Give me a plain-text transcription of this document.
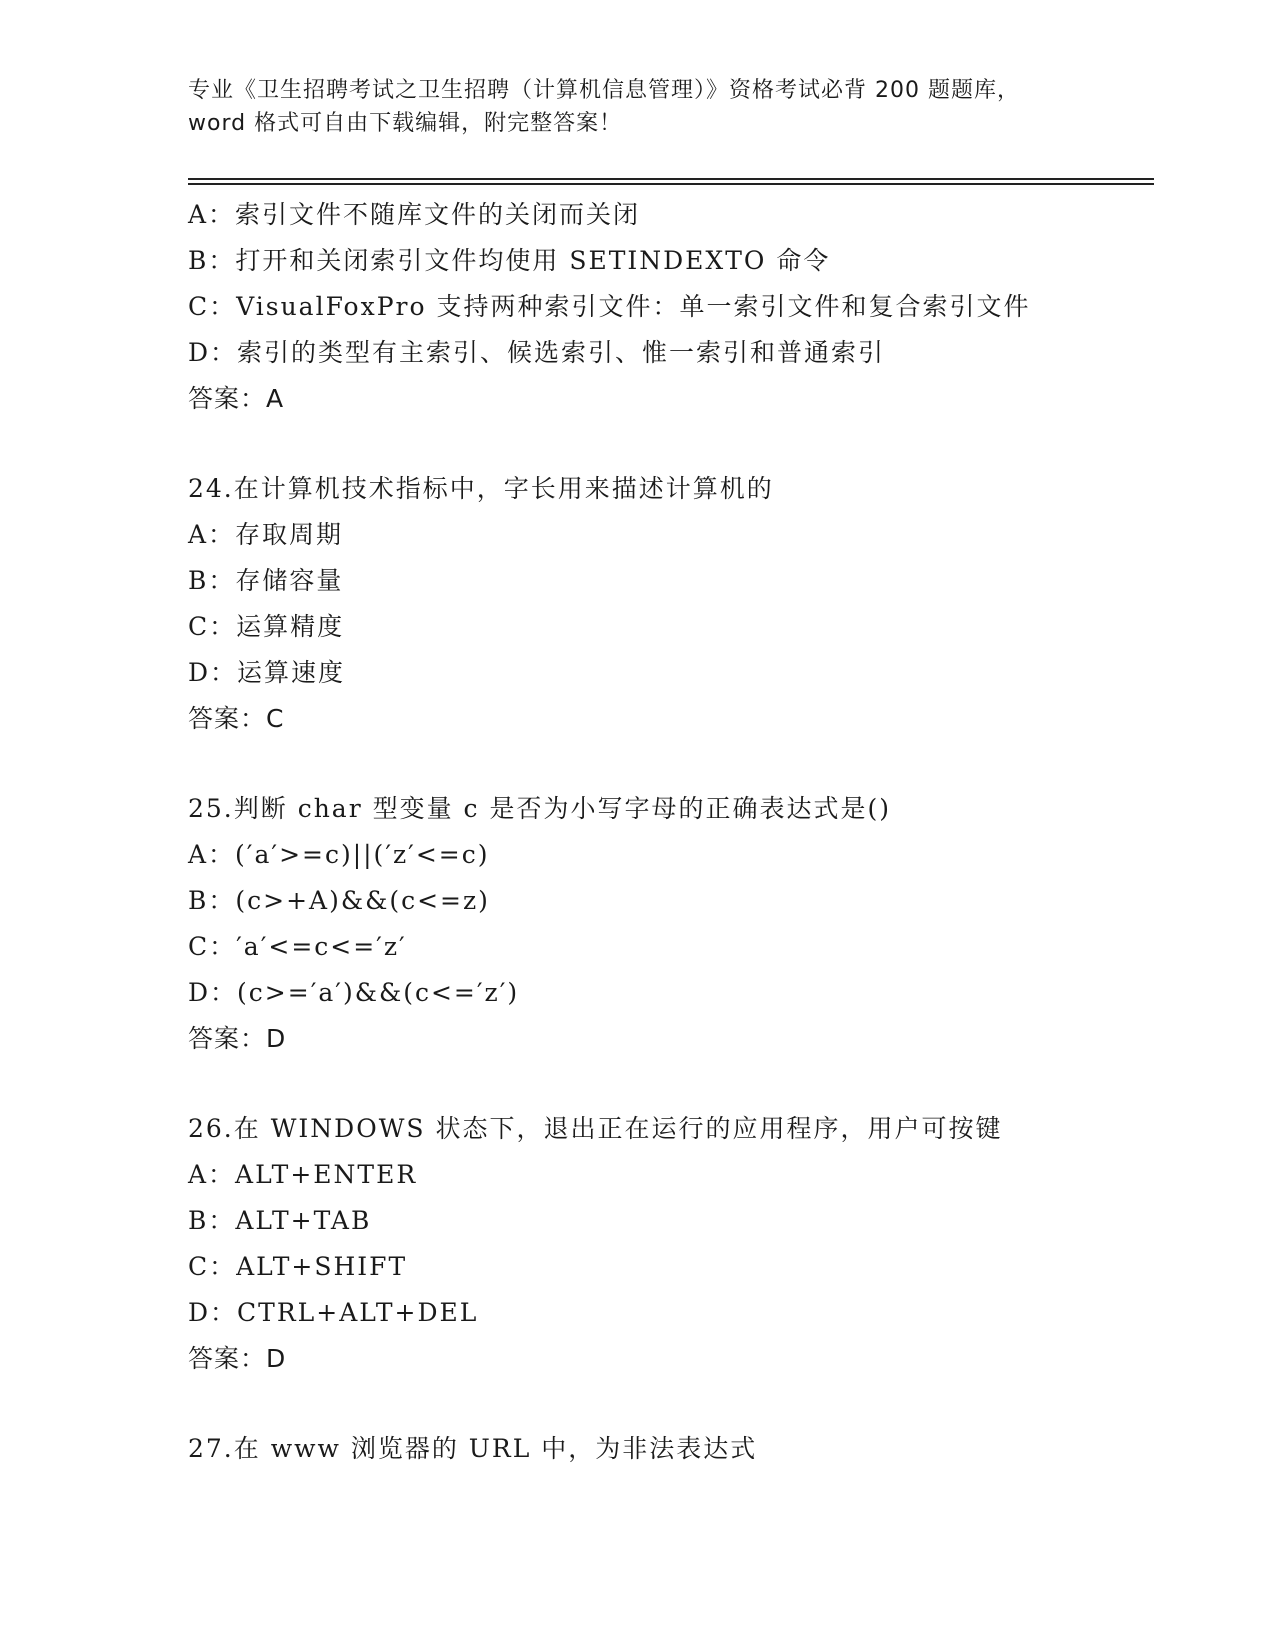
专业《卫生招聘考试之卫生招聘（计算机信息管理）》资格考试必背 200 题题库，
word 格式可自由下载编辑，附完整答案！
A：索引文件不随库文件的关闭而关闭
B：打开和关闭索引文件均使用 SETINDEXTO 命令
C：VisualFoxPro 支持两种索引文件：单一索引文件和复合索引文件
D：索引的类型有主索引、候选索引、惟一索引和普通索引
答案：A
24.在计算机技术指标中，字长用来描述计算机的
A：存取周期
B：存储容量
C：运算精度
D：运算速度
答案：C
25.判断 char 型变量 c 是否为小写字母的正确表达式是()
A：(′a′>=c)||(′z′<=c)
B：(c>+A)&&(c<=z)
C：′a′<=c<=′z′
D：(c>=′a′)&&(c<=′z′)
答案：D
26.在 WINDOWS 状态下，退出正在运行的应用程序，用户可按键
A：ALT+ENTER
B：ALT+TAB
C：ALT+SHIFT
D：CTRL+ALT+DEL
答案：D
27.在 www 浏览器的 URL 中，为非法表达式
